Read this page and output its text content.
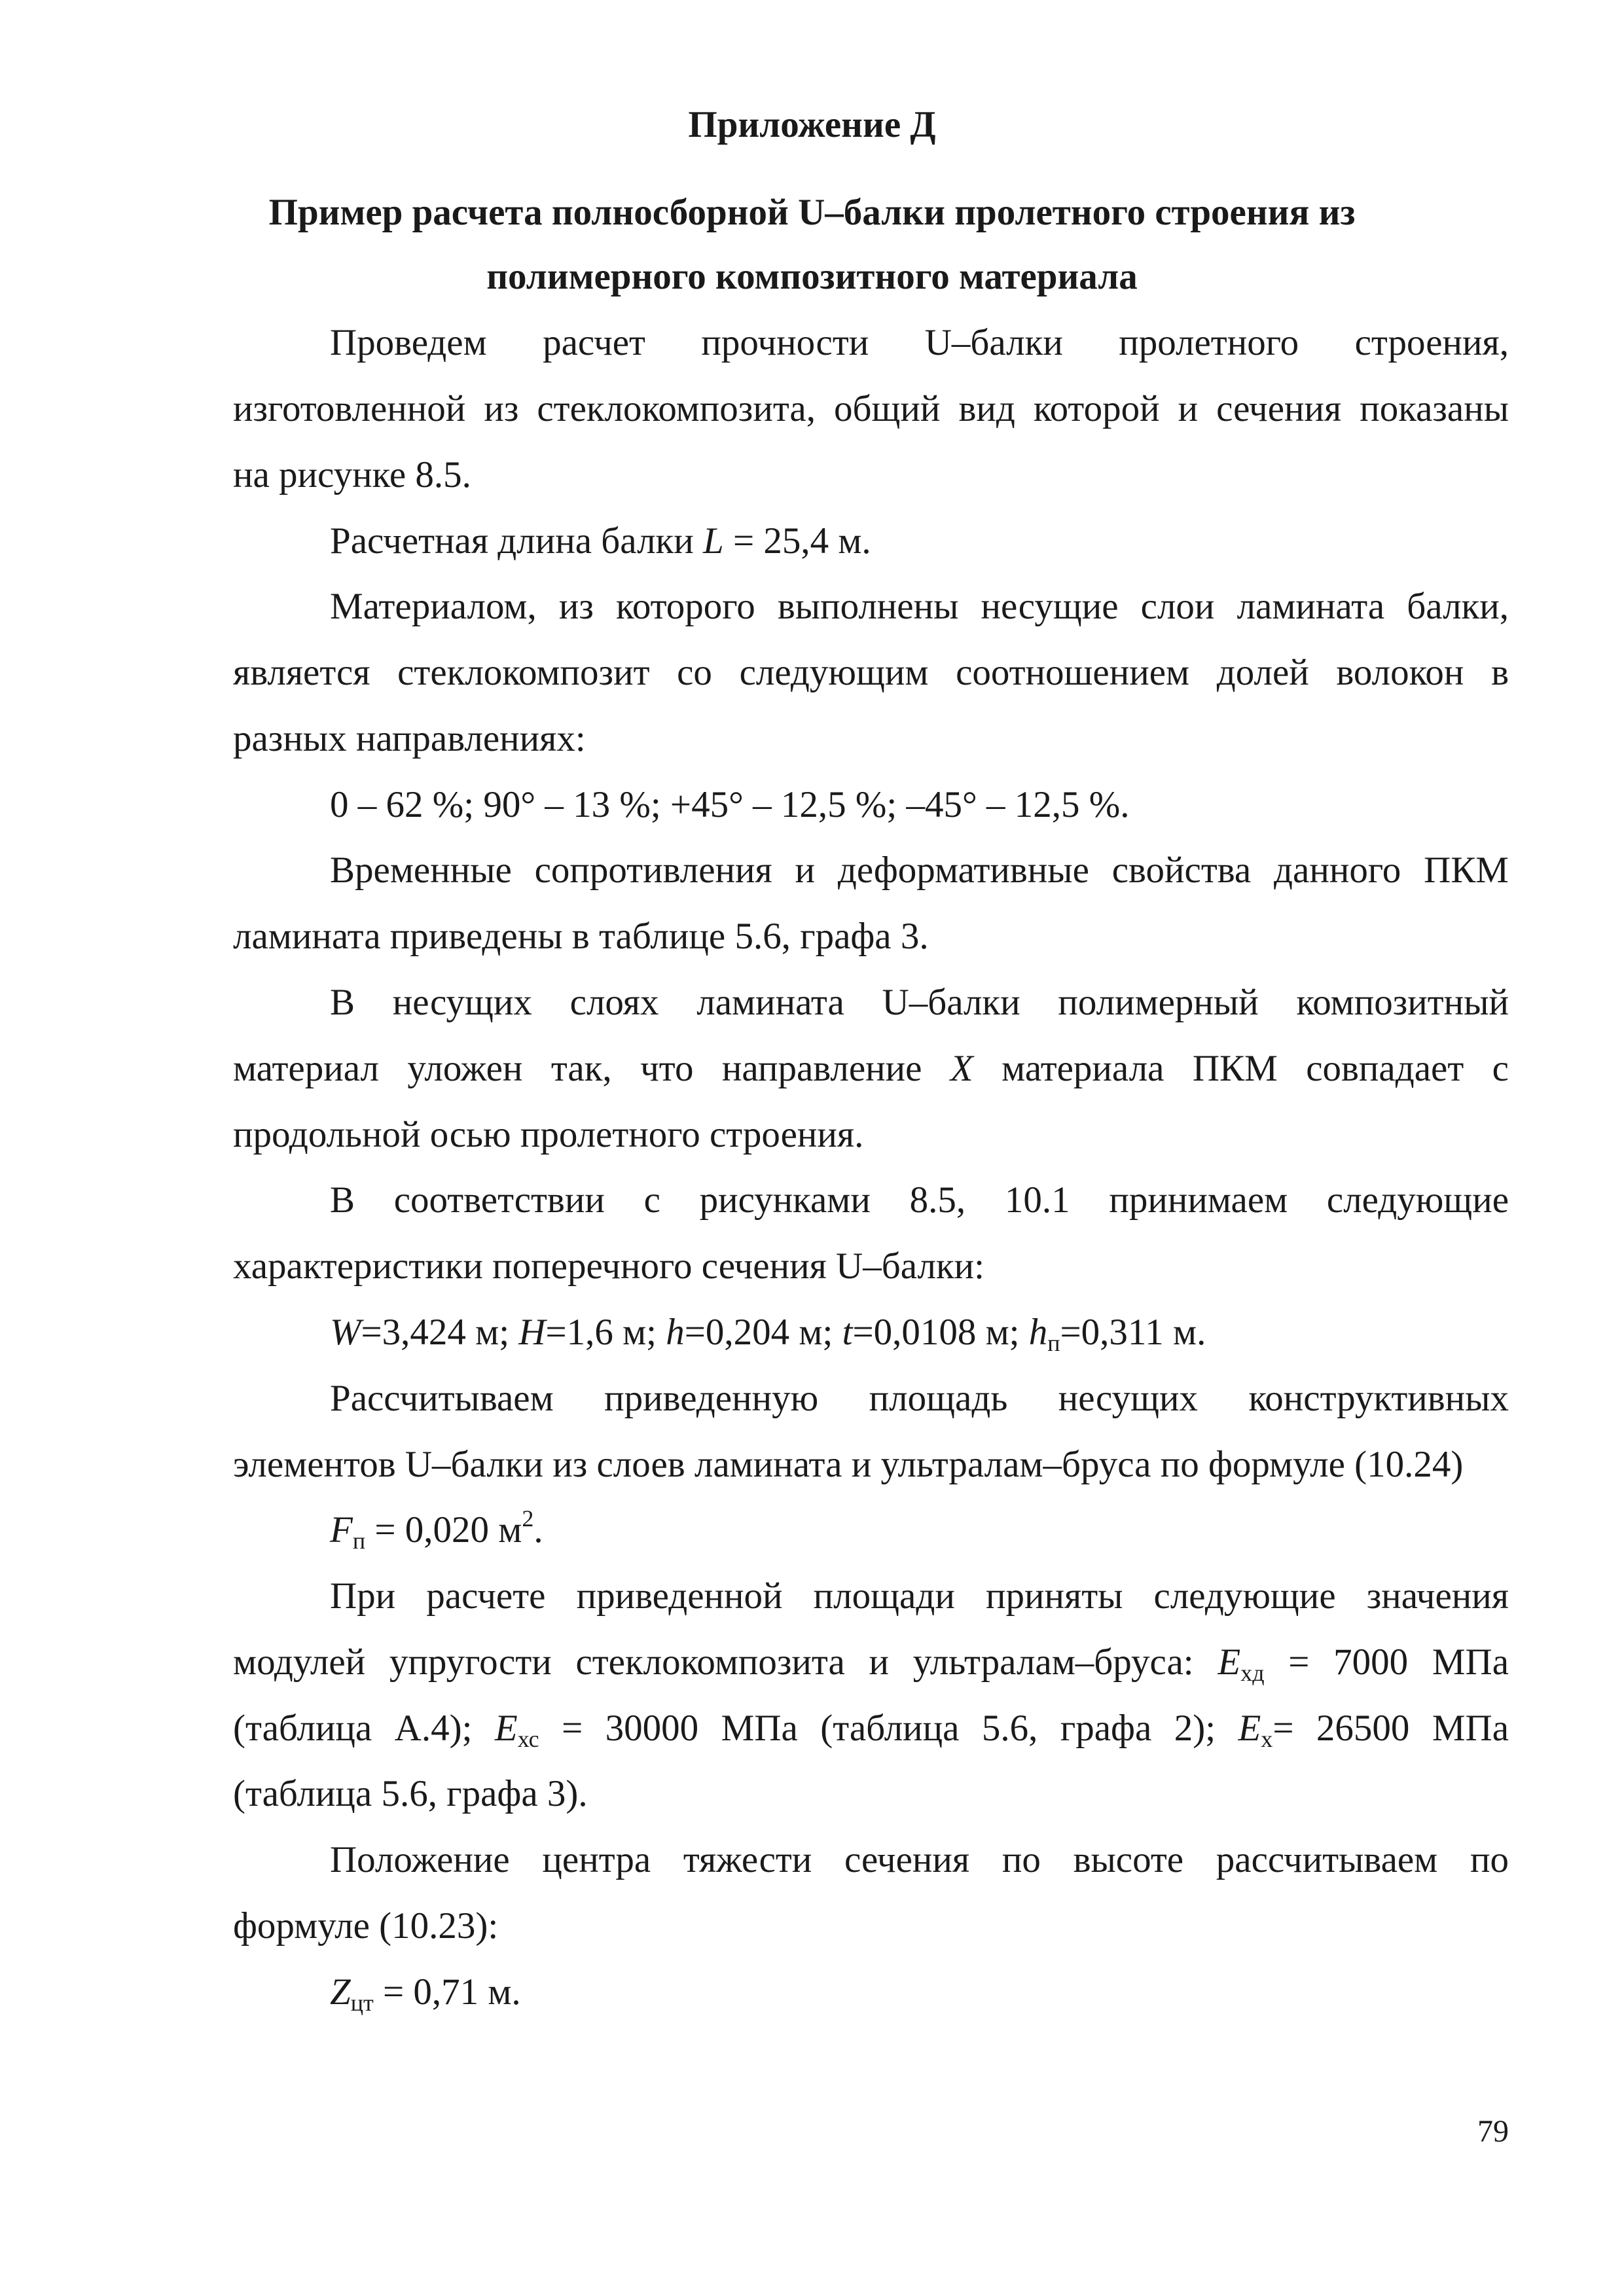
Приложение Д
Пример расчета полносборной U–балки пролетного строения из
полимерного композитного материала
Проведем расчет прочности U–балки пролетного строения,
изготовленной из стеклокомпозита, общий вид которой и сечения показаны
на рисунке 8.5.
Расчетная длина балки L = 25,4 м.
Материалом, из которого выполнены несущие слои ламината балки,
является стеклокомпозит со следующим соотношением долей волокон в
разных направлениях:
0 – 62 %; 90° – 13 %; +45° – 12,5 %; –45° – 12,5 %.
Временные сопротивления и деформативные свойства данного ПКМ
ламината приведены в таблице 5.6, графа 3.
В несущих слоях ламината U–балки полимерный композитный
материал уложен так, что направление X материала ПКМ совпадает с
продольной осью пролетного строения.
В соответствии с рисунками 8.5, 10.1 принимаем следующие
характеристики поперечного сечения U–балки:
W=3,424 м; H=1,6 м; h=0,204 м; t=0,0108 м; $h_п=0,311$ м.
Рассчитываем приведенную площадь несущих конструктивных
элементов U–балки из слоев ламината и ультралам–бруса по формуле (10.24)
$F_п = 0,020$ $м^2$.
При расчете приведенной площади приняты следующие значения
модулей упругости стеклокомпозита и ультралам–бруса: $E_{хд} = 7000$ МПа
(таблица А.4); $E_{хс} = 30000$ МПа (таблица 5.6, графа 2); $E_х= 26500$ МПа
(таблица 5.6, графа 3).
Положение центра тяжести сечения по высоте рассчитываем по
формуле (10.23):
$Z_{цт} = 0,71$ м.
79
